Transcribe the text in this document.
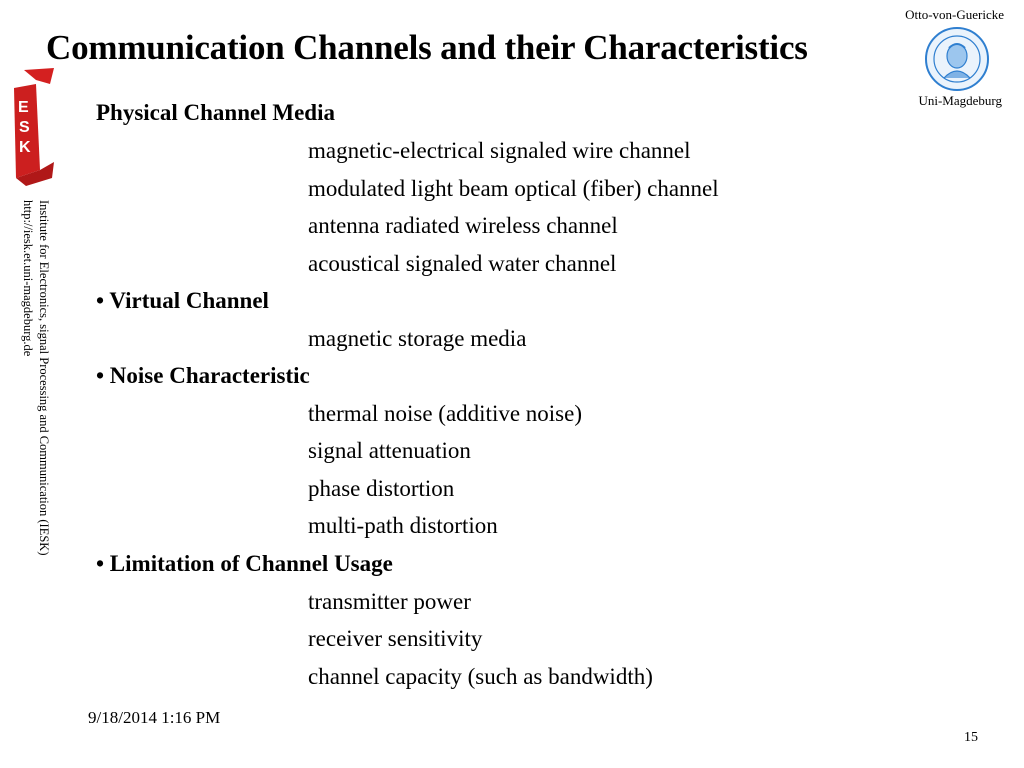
Communication Channels and their Characteristics
Otto-von-Guericke
Uni-Magdeburg
E
S
K
Institute for Electronics, signal Processing and Communication (IESK)
http://iesk.et.uni-magdeburg.de
Physical Channel Media
magnetic-electrical signaled wire channel
modulated light beam optical (fiber) channel
antenna radiated wireless channel
acoustical signaled water channel
• Virtual Channel
magnetic storage media
• Noise Characteristic
thermal noise (additive noise)
signal attenuation
phase distortion
multi-path distortion
• Limitation of Channel Usage
transmitter power
receiver sensitivity
channel capacity (such as bandwidth)
9/18/2014 1:16 PM
15
